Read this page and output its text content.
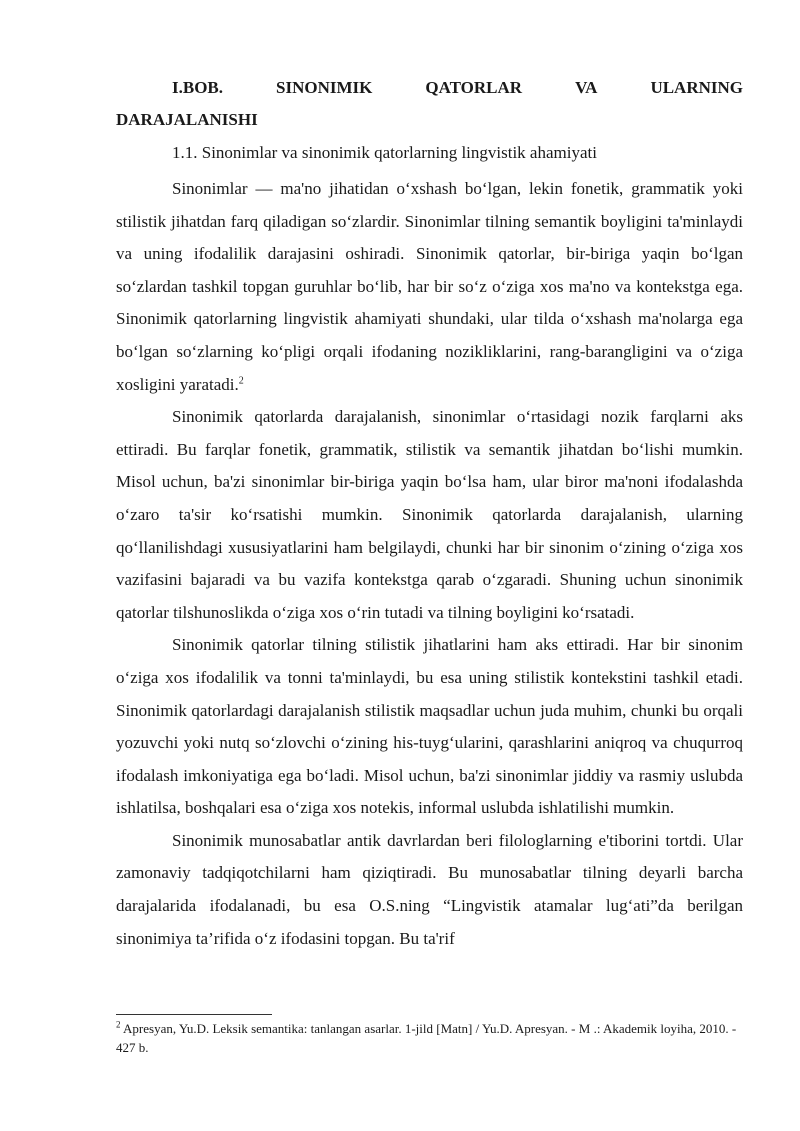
I.BOB.	SINONIMIK	QATORLAR	VA	ULARNING
DARAJALANISHI
1.1. Sinonimlar va sinonimik qatorlarning lingvistik ahamiyati

Sinonimlar — ma'no jihatidan o‘xshash bo‘lgan, lekin fonetik, grammatik yoki stilistik jihatdan farq qiladigan so‘zlardir. Sinonimlar tilning semantik boyligini ta'minlaydi va uning ifodalilik darajasini oshiradi. Sinonimik qatorlar, bir-biriga yaqin bo‘lgan so‘zlardan tashkil topgan guruhlar bo‘lib, har bir so‘z o‘ziga xos ma'no va kontekstga ega. Sinonimik qatorlarning lingvistik ahamiyati shundaki, ular tilda o‘xshash ma'nolarga ega bo‘lgan so‘zlarning ko‘pligi orqali ifodaning nozikliklarini, rang-barangligini va o‘ziga xosligini yaratadi.$^2$

Sinonimik qatorlarda darajalanish, sinonimlar o‘rtasidagi nozik farqlarni aks ettiradi. Bu farqlar fonetik, grammatik, stilistik va semantik jihatdan bo‘lishi mumkin. Misol uchun, ba'zi sinonimlar bir-biriga yaqin bo‘lsa ham, ular biror ma'noni ifodalashda o‘zaro ta'sir ko‘rsatishi mumkin. Sinonimik qatorlarda darajalanish, ularning qo‘llanilishdagi xususiyatlarini ham belgilaydi, chunki har bir sinonim o‘zining o‘ziga xos vazifasini bajaradi va bu vazifa kontekstga qarab o‘zgaradi. Shuning uchun sinonimik qatorlar tilshunoslikda o‘ziga xos o‘rin tutadi va tilning boyligini ko‘rsatadi.

Sinonimik qatorlar tilning stilistik jihatlarini ham aks ettiradi. Har bir sinonim o‘ziga xos ifodalilik va tonni ta'minlaydi, bu esa uning stilistik kontekstini tashkil etadi. Sinonimik qatorlardagi darajalanish stilistik maqsadlar uchun juda muhim, chunki bu orqali yozuvchi yoki nutq so‘zlovchi o‘zining his-tuyg‘ularini, qarashlarini aniqroq va chuqurroq ifodalash imkoniyatiga ega bo‘ladi. Misol uchun, ba'zi sinonimlar jiddiy va rasmiy uslubda ishlatilsa, boshqalari esa o‘ziga xos notekis, informal uslubda ishlatilishi mumkin.

Sinonimik munosabatlar antik davrlardan beri filologlarning e'tiborini tortdi. Ular zamonaviy tadqiqotchilarni ham qiziqtiradi. Bu munosabatlar tilning deyarli barcha darajalarida ifodalanadi, bu esa O.S.ning “Lingvistik atamalar lug‘ati”da berilgan sinonimiya ta’rifida o‘z ifodasini topgan. Bu ta'rif

$^2$ Apresyan, Yu.D. Leksik semantika: tanlangan asarlar. 1-jild [Matn] / Yu.D. Apresyan. - M .: Akademik loyiha, 2010. - 427 b.
